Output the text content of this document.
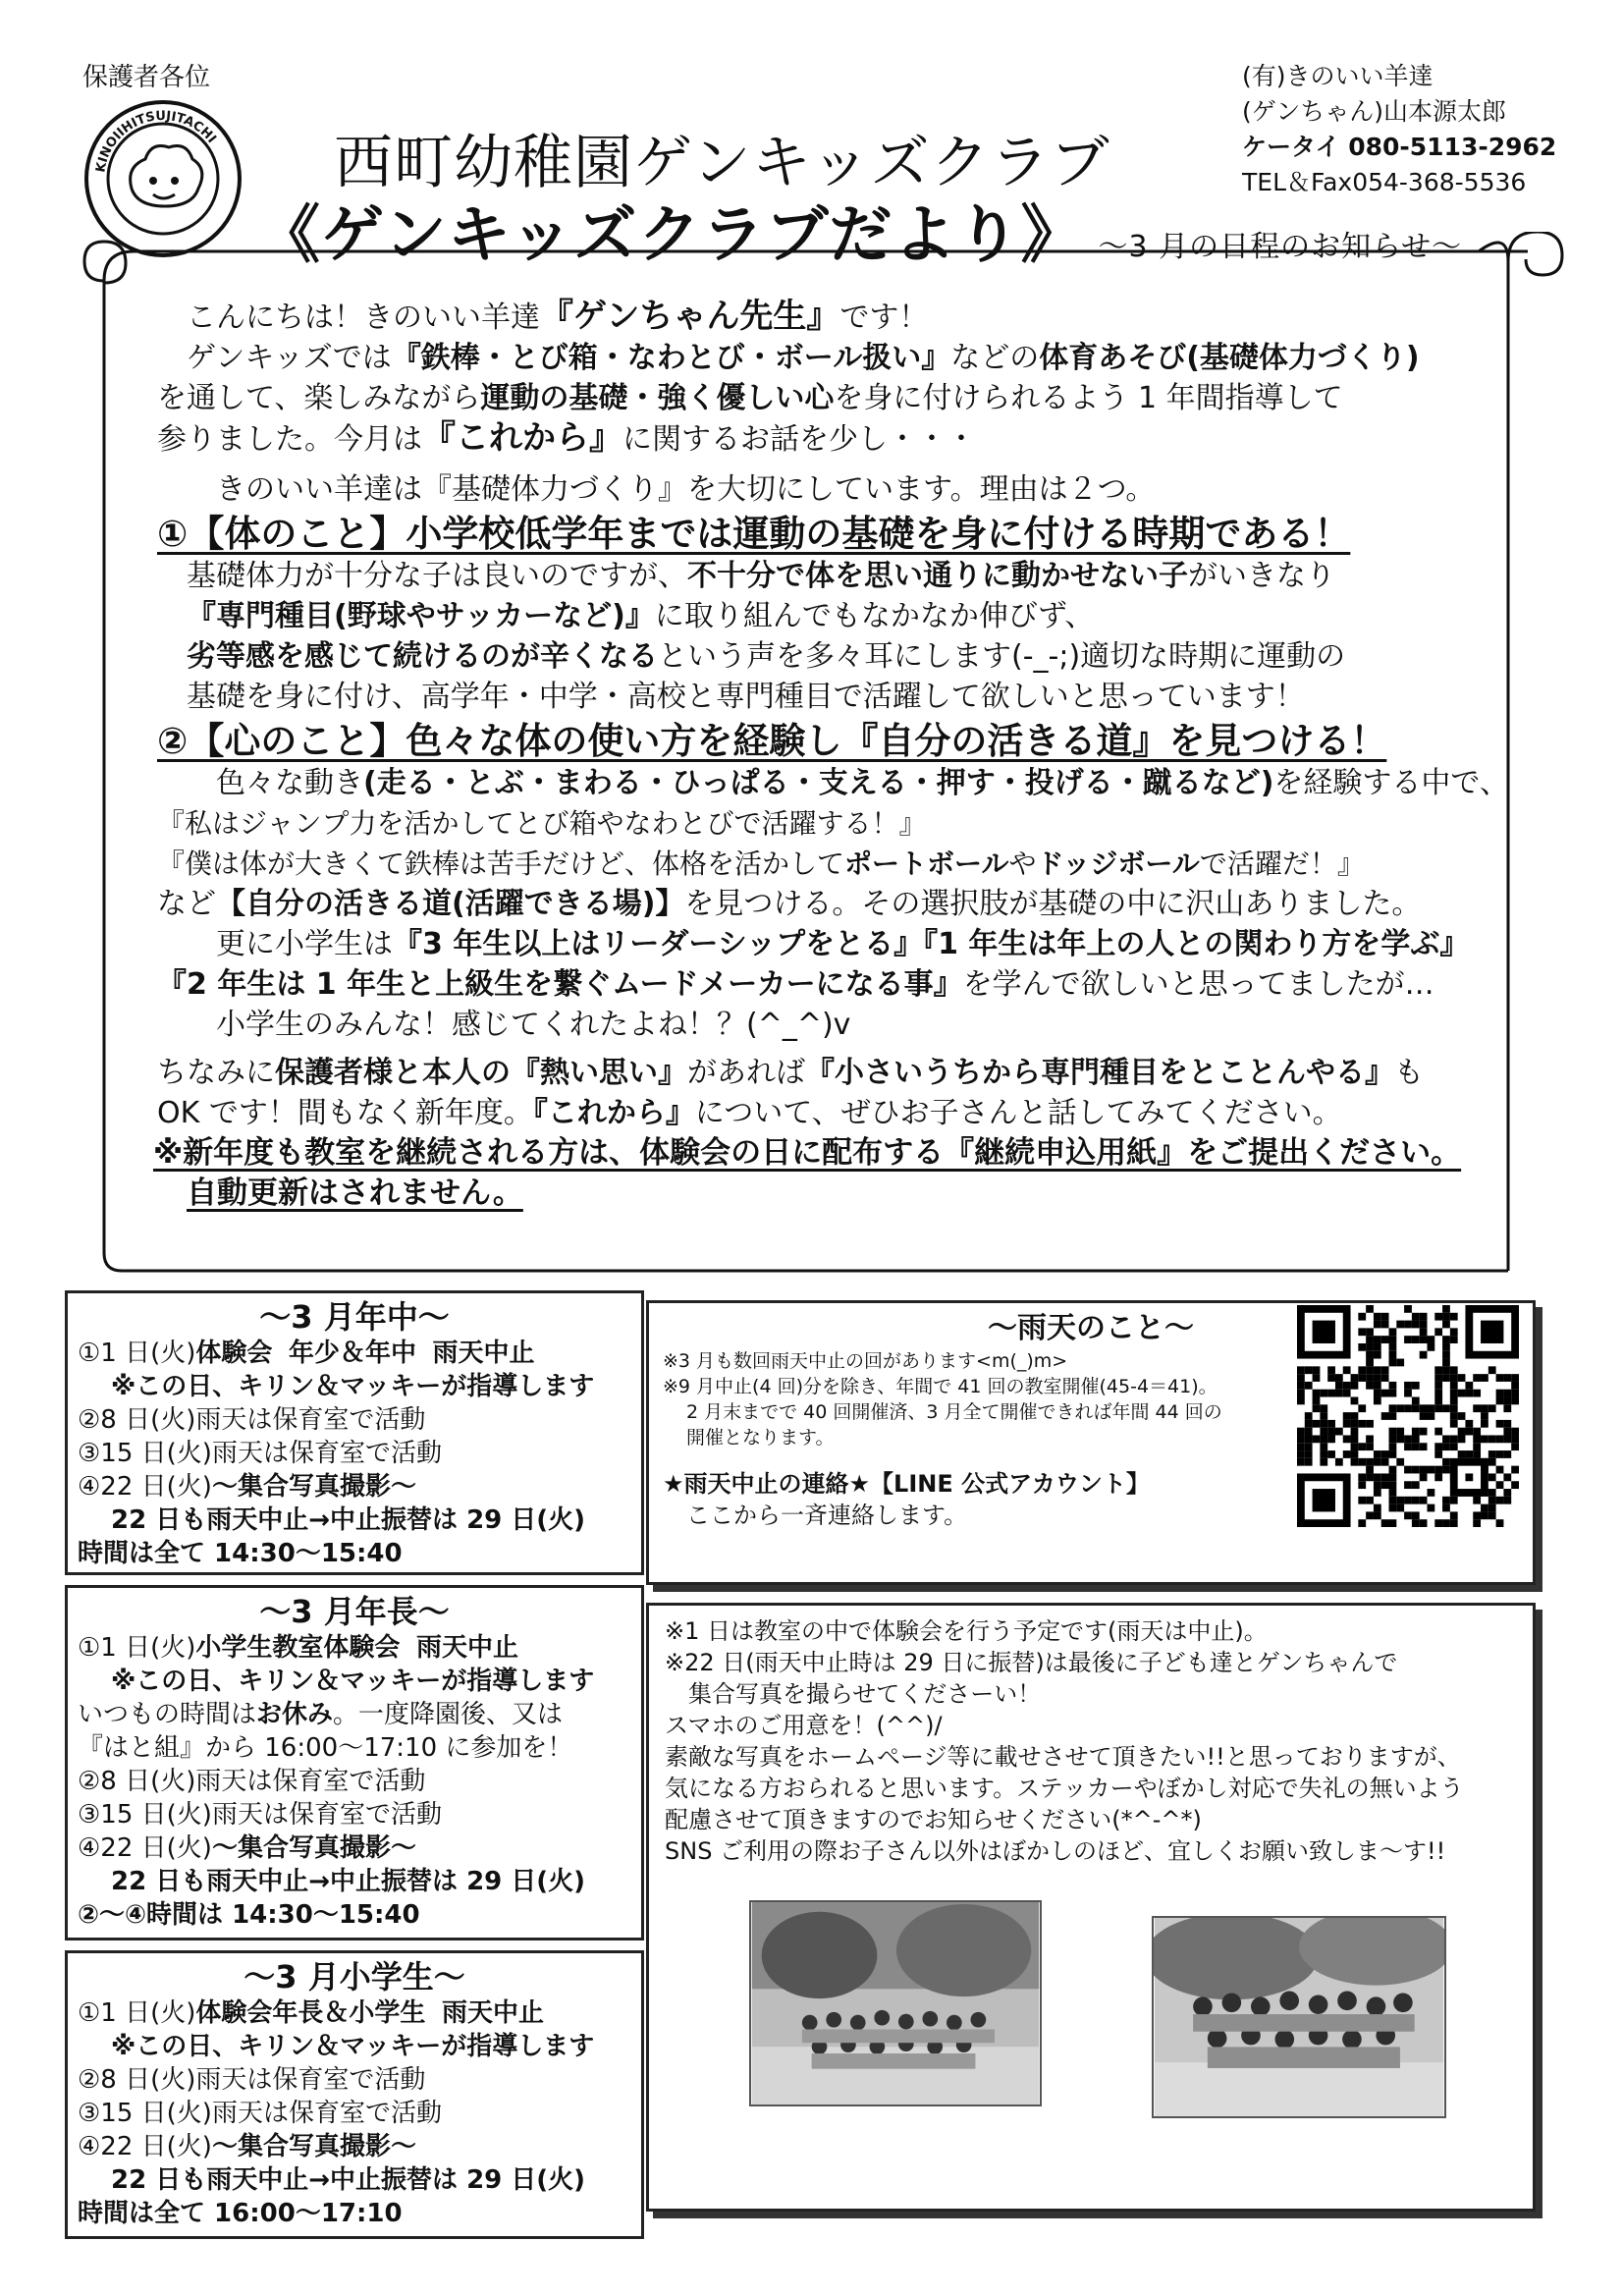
保護者各位
KINOIIHITSUJITACHI 西町幼稚園ゲンキッズクラブ
《ゲンキッズクラブだより》 ～3 月の日程のお知らせ～
(有)きのいい羊達
(ゲンちゃん)山本源太郎
ケータイ 080-5113-2962
TEL＆Fax054-368-5536

こんにちは！きのいい羊達『ゲンちゃん先生』です！

ゲンキッズでは『鉄棒・とび箱・なわとび・ボール扱い』などの体育あそび(基礎体力づくり)

を通して、楽しみながら運動の基礎・強く優しい心を身に付けられるよう 1 年間指導して

参りました。今月は『これから』に関するお話を少し・・・

きのいい羊達は『基礎体力づくり』を大切にしています。理由は２つ。

①【体のこと】小学校低学年までは運動の基礎を身に付ける時期である！

基礎体力が十分な子は良いのですが、不十分で体を思い通りに動かせない子がいきなり

『専門種目(野球やサッカーなど)』に取り組んでもなかなか伸びず、

劣等感を感じて続けるのが辛くなるという声を多々耳にします(-_-;)適切な時期に運動の

基礎を身に付け、高学年・中学・高校と専門種目で活躍して欲しいと思っています！

②【心のこと】色々な体の使い方を経験し『自分の活きる道』を見つける！

色々な動き(走る・とぶ・まわる・ひっぱる・支える・押す・投げる・蹴るなど)を経験する中で、

『私はジャンプ力を活かしてとび箱やなわとびで活躍する！』

『僕は体が大きくて鉄棒は苦手だけど、体格を活かしてポートボールやドッジボールで活躍だ！』

など【自分の活きる道(活躍できる場)】を見つける。その選択肢が基礎の中に沢山ありました。

更に小学生は『3 年生以上はリーダーシップをとる』『1 年生は年上の人との関わり方を学ぶ』

『2 年生は 1 年生と上級生を繋ぐムードメーカーになる事』を学んで欲しいと思ってましたが…

小学生のみんな！感じてくれたよね！？(^_^)v

ちなみに保護者様と本人の『熱い思い』があれば『小さいうちから専門種目をとことんやる』も

OK です！間もなく新年度。『これから』について、ぜひお子さんと話してみてください。

※新年度も教室を継続される方は、体験会の日に配布する『継続申込用紙』をご提出ください。

自動更新はされません。

～3 月年中～

①1 日(火)体験会 年少＆年中 雨天中止

※この日、キリン＆マッキーが指導します

②8 日(火)雨天は保育室で活動

③15 日(火)雨天は保育室で活動

④22 日(火)～集合写真撮影～

22 日も雨天中止→中止振替は 29 日(火)

時間は全て 14:30～15:40

～3 月年長～

①1 日(火)小学生教室体験会 雨天中止

※この日、キリン＆マッキーが指導します

いつもの時間はお休み。一度降園後、又は

『はと組』から 16:00～17:10 に参加を！

②8 日(火)雨天は保育室で活動

③15 日(火)雨天は保育室で活動

④22 日(火)～集合写真撮影～

22 日も雨天中止→中止振替は 29 日(火)

②～④時間は 14:30～15:40

～3 月小学生～

①1 日(火)体験会年長＆小学生 雨天中止

※この日、キリン＆マッキーが指導します

②8 日(火)雨天は保育室で活動

③15 日(火)雨天は保育室で活動

④22 日(火)～集合写真撮影～

22 日も雨天中止→中止振替は 29 日(火)

時間は全て 16:00～17:10

～雨天のこと～

※3 月も数回雨天中止の回があります<m(_)m>

※9 月中止(4 回)分を除き、年間で 41 回の教室開催(45-4＝41)。

2 月末までで 40 回開催済、3 月全て開催できれば年間 44 回の

開催となります。

★雨天中止の連絡★【LINE 公式アカウント】

ここから一斉連絡します。

※1 日は教室の中で体験会を行う予定です(雨天は中止)。

※22 日(雨天中止時は 29 日に振替)は最後に子ども達とゲンちゃんで

集合写真を撮らせてくださーい！

スマホのご用意を！(^^)/

素敵な写真をホームページ等に載せさせて頂きたい!!と思っておりますが、

気になる方おられると思います。ステッカーやぼかし対応で失礼の無いよう

配慮させて頂きますのでお知らせください(*^-^*)

SNS ご利用の際お子さん以外はぼかしのほど、宜しくお願い致しま～す!!
